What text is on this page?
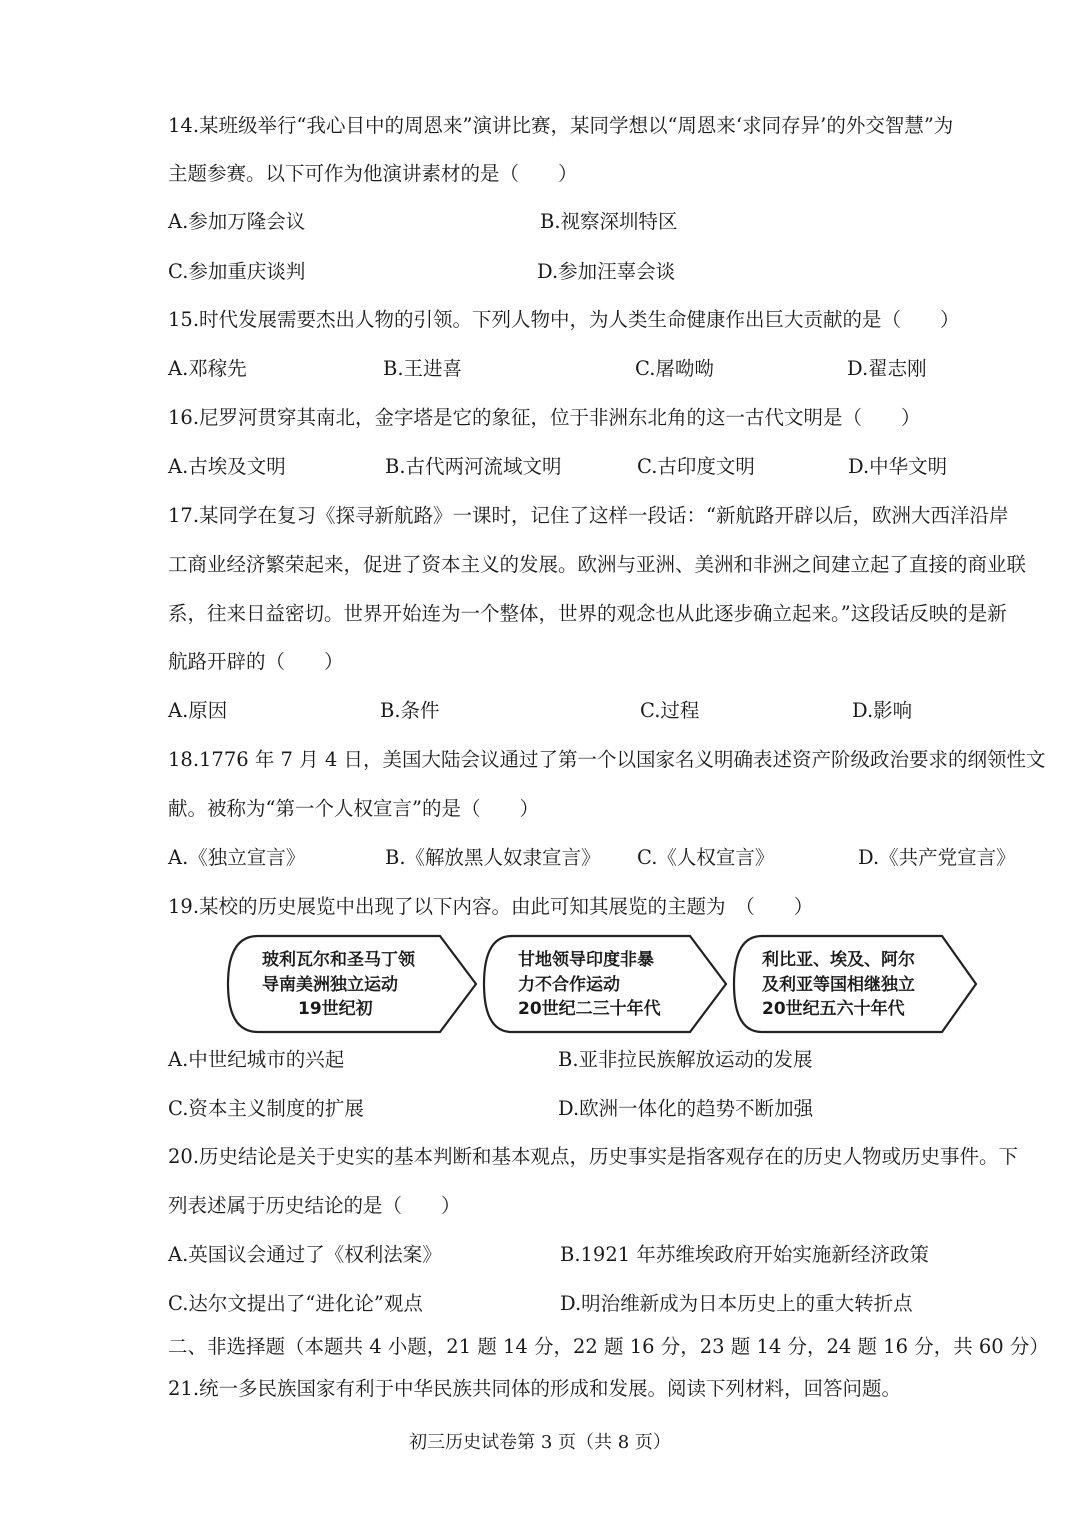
14.某班级举行“我心目中的周恩来”演讲比赛，某同学想以“周恩来‘求同存异’的外交智慧”为
主题参赛。以下可作为他演讲素材的是（　　）
A.参加万隆会议	B.视察深圳特区
C.参加重庆谈判	D.参加汪辜会谈
15.时代发展需要杰出人物的引领。下列人物中，为人类生命健康作出巨大贡献的是（　　）
A.邓稼先	B.王进喜	C.屠呦呦	D.翟志刚
16.尼罗河贯穿其南北，金字塔是它的象征，位于非洲东北角的这一古代文明是（　　）
A.古埃及文明	B.古代两河流域文明	C.古印度文明	D.中华文明
17.某同学在复习《探寻新航路》一课时，记住了这样一段话：“新航路开辟以后，欧洲大西洋沿岸
工商业经济繁荣起来，促进了资本主义的发展。欧洲与亚洲、美洲和非洲之间建立起了直接的商业联
系，往来日益密切。世界开始连为一个整体，世界的观念也从此逐步确立起来。”这段话反映的是新
航路开辟的（　　）
A.原因	B.条件	C.过程	D.影响
18.1776 年 7 月 4 日，美国大陆会议通过了第一个以国家名义明确表述资产阶级政治要求的纲领性文
献。被称为“第一个人权宣言”的是（　　）
A.《独立宣言》	B.《解放黑人奴隶宣言》 C.《人权宣言》	D.《共产党宣言》
19.某校的历史展览中出现了以下内容。由此可知其展览的主题为　（　　）
玻利瓦尔和圣马丁领
导南美洲独立运动
19世纪初
甘地领导印度非暴
力不合作运动
20世纪二三十年代
利比亚、埃及、阿尔
及利亚等国相继独立
20世纪五六十年代
A.中世纪城市的兴起	B.亚非拉民族解放运动的发展
C.资本主义制度的扩展	D.欧洲一体化的趋势不断加强
20.历史结论是关于史实的基本判断和基本观点，历史事实是指客观存在的历史人物或历史事件。下
列表述属于历史结论的是（　　）
A.英国议会通过了《权利法案》	B.1921 年苏维埃政府开始实施新经济政策
C.达尔文提出了“进化论”观点	D.明治维新成为日本历史上的重大转折点
二、非选择题（本题共 4 小题，21 题 14 分，22 题 16 分，23 题 14 分，24 题 16 分，共 60 分）
21.统一多民族国家有利于中华民族共同体的形成和发展。阅读下列材料，回答问题。
初三历史试卷第 3 页（共 8 页）
